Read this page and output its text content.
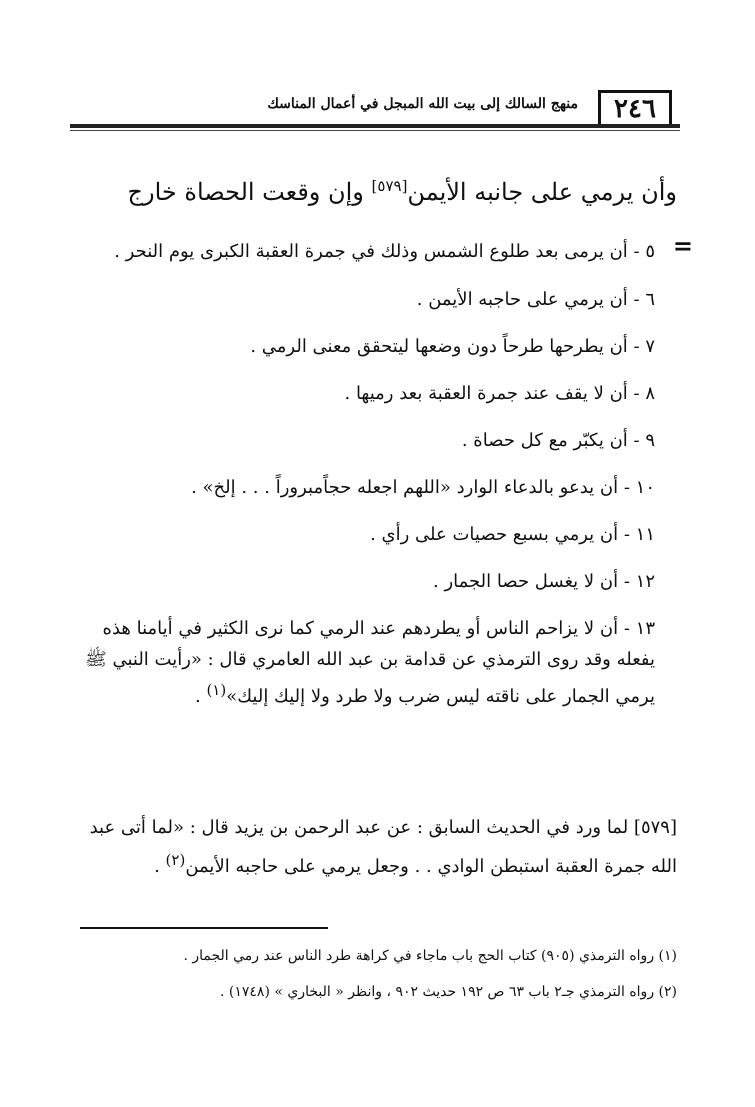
٢٤٦
منهج السالك إلى بيت الله المبجل في أعمال المناسك
وأن يرمي على جانبه الأيمن[٥٧٩] وإن وقعت الحصاة خارج
=

٥ - أن يرمى بعد طلوع الشمس وذلك في جمرة العقبة الكبرى يوم النحر .

٦ - أن يرمي على حاجبه الأيمن .

٧ - أن يطرحها طرحاً دون وضعها ليتحقق معنى الرمي .

٨ - أن لا يقف عند جمرة العقبة بعد رميها .

٩ - أن يكبّر مع كل حصاة .

١٠ - أن يدعو بالدعاء الوارد «اللهم اجعله حجاًمبروراً . . . إلخ» .

١١ - أن يرمي بسبع حصيات على رأي .

١٢ - أن لا يغسل حصا الجمار .

١٣ - أن لا يزاحم الناس أو يطردهم عند الرمي كما نرى الكثير في أيامنا هذه يفعله وقد روى الترمذي عن قدامة بن عبد الله العامري قال : «رأيت النبي ﷺ يرمي الجمار على ناقته ليس ضرب ولا طرد ولا إليك إليك»$^{(١)}$ .

[٥٧٩] لما ورد في الحديث السابق : عن عبد الرحمن بن يزيد قال : «لما أتى عبد الله جمرة العقبة استبطن الوادي . . وجعل يرمي على حاجبه الأيمن$^{(٢)}$ .

(١) رواه الترمذي (٩٠٥) كتاب الحج باب ماجاء في كراهة طرد الناس عند رمي الجمار .

(٢) رواه الترمذي جـ٢ باب ٦٣ ص ١٩٢ حديث ٩٠٢ ، وانظر « البخاري » (١٧٤٨) .
